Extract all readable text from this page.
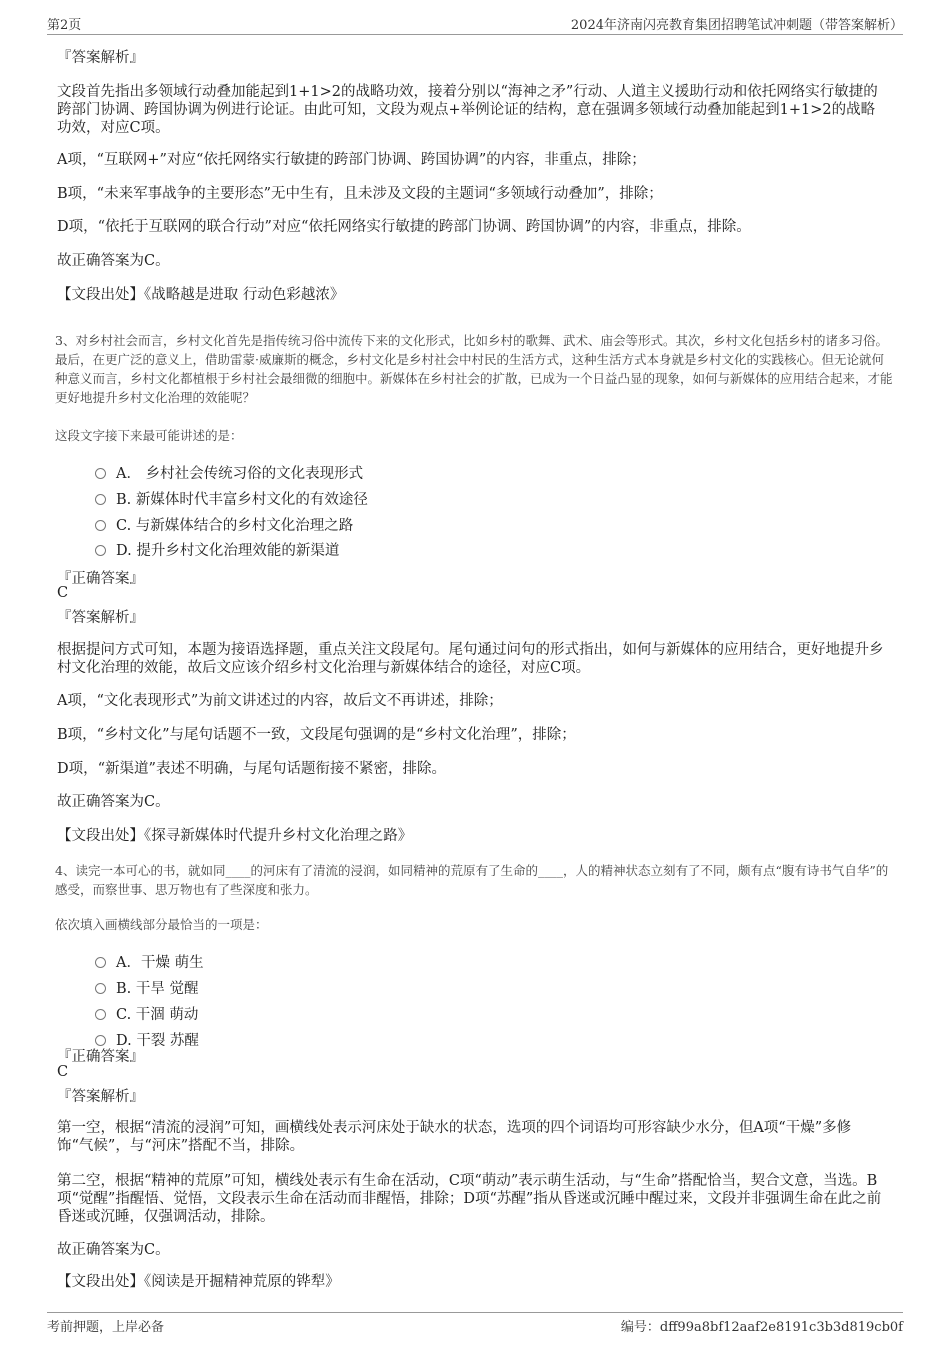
第2页	2024年济南闪亮教育集团招聘笔试冲刺题（带答案解析）
『答案解析』
文段首先指出多领域行动叠加能起到1+1>2的战略功效，接着分别以“海神之矛”行动、人道主义援助行动和依托网络实行敏捷的跨部门协调、跨国协调为例进行论证。由此可知，文段为观点+举例论证的结构，意在强调多领域行动叠加能起到1+1>2的战略功效，对应C项。
A项，“互联网+”对应“依托网络实行敏捷的跨部门协调、跨国协调”的内容，非重点，排除；
B项，“未来军事战争的主要形态”无中生有，且未涉及文段的主题词“多领域行动叠加”，排除；
D项，“依托于互联网的联合行动”对应“依托网络实行敏捷的跨部门协调、跨国协调”的内容，非重点，排除。
故正确答案为C。
【文段出处】《战略越是进取 行动色彩越浓》
3、对乡村社会而言，乡村文化首先是指传统习俗中流传下来的文化形式，比如乡村的歌舞、武术、庙会等形式。其次，乡村文化包括乡村的诸多习俗。最后，在更广泛的意义上，借助雷蒙·威廉斯的概念，乡村文化是乡村社会中村民的生活方式，这种生活方式本身就是乡村文化的实践核心。但无论就何种意义而言，乡村文化都植根于乡村社会最细微的细胞中。新媒体在乡村社会的扩散，已成为一个日益凸显的现象，如何与新媒体的应用结合起来，才能更好地提升乡村文化治理的效能呢？
这段文字接下来最可能讲述的是：
A． 乡村社会传统习俗的文化表现形式
B. 新媒体时代丰富乡村文化的有效途径
C. 与新媒体结合的乡村文化治理之路
D. 提升乡村文化治理效能的新渠道
『正确答案』
C
『答案解析』
根据提问方式可知，本题为接语选择题，重点关注文段尾句。尾句通过问句的形式指出，如何与新媒体的应用结合，更好地提升乡村文化治理的效能，故后文应该介绍乡村文化治理与新媒体结合的途径，对应C项。
A项，“文化表现形式”为前文讲述过的内容，故后文不再讲述，排除；
B项，“乡村文化”与尾句话题不一致，文段尾句强调的是“乡村文化治理”，排除；
D项，“新渠道”表述不明确，与尾句话题衔接不紧密，排除。
故正确答案为C。
【文段出处】《探寻新媒体时代提升乡村文化治理之路》
4、读完一本可心的书，就如同____的河床有了清流的浸润，如同精神的荒原有了生命的____，人的精神状态立刻有了不同，颇有点“腹有诗书气自华”的感受，而察世事、思万物也有了些深度和张力。
依次填入画横线部分最恰当的一项是：
A．干燥 萌生
B. 干旱 觉醒
C. 干涸 萌动
D. 干裂 苏醒
『正确答案』
C
『答案解析』
第一空，根据“清流的浸润”可知，画横线处表示河床处于缺水的状态，选项的四个词语均可形容缺少水分，但A项“干燥”多修饰“气候”，与“河床”搭配不当，排除。
第二空，根据“精神的荒原”可知，横线处表示有生命在活动，C项“萌动”表示萌生活动，与“生命”搭配恰当，契合文意，当选。B项“觉醒”指醒悟、觉悟，文段表示生命在活动而非醒悟，排除；D项“苏醒”指从昏迷或沉睡中醒过来，文段并非强调生命在此之前昏迷或沉睡，仅强调活动，排除。
故正确答案为C。
【文段出处】《阅读是开掘精神荒原的铧犁》
考前押题，上岸必备	编号：dff99a8bf12aaf2e8191c3b3d819cb0f
